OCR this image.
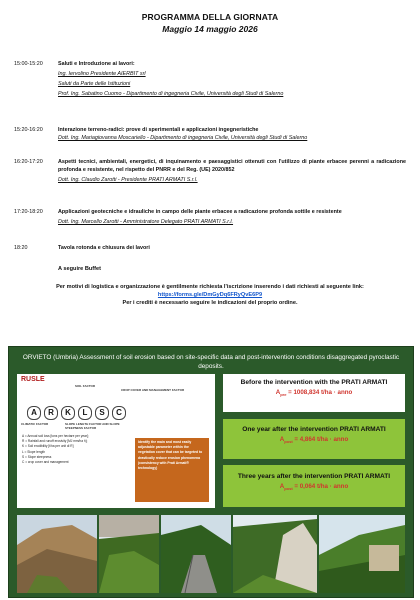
PROGRAMMA DELLA GIORNATA
Maggio 14 maggio 2026
15:00-15:20	Saluti e Introduzione ai lavori:
Ing. Iervolino Presidente AIERBIT srl
Saluti da Parte delle Istituzioni
Prof. Ing. Sabatino Cuomo - Dipartimento di ingegneria Civile, Università degli Studi di Salerno
15:20-16:20	Interazione terreno-radici: prove di sperimentali e applicazioni ingegneristiche
Dott. Ing. Mariagiovanna Moscariello - Dipartimento di ingegneria Civile, Università degli Studi di Salerno
16:20-17:20	Aspetti tecnici, ambientali, energetici, di inquinamento e paesaggistici ottenuti con l'utilizzo di piante erbacee perenni a radicazione profonda e resistente, nel rispetto del PNRR e del Reg. (UE) 2020/852
Dott. Ing. Claudio Zarotti - Presidente PRATI ARMATI S.r.l.
17:20-18:20	Applicazioni geotecniche e idrauliche in campo delle piante erbacee a radicazione profonda sottile e resistente
Dott. Ing. Marcello Zarotti - Amministratore Delegato PRATI ARMATI S.r.l.
18:20	Tavola rotonda e chiusura dei lavori
A seguire Buffet
Per motivi di logistica e organizzazione è gentilmente richiesta l'iscrizione inserendo i dati richiesti al seguente link:
https://forms.gle/DmGyDq6FRyQvE6P9
Per i crediti è necessario seguire le indicazioni del proprio ordine.
ORVIETO (Umbria) Assessment of soil erosion based on site-specific data and post-intervention conditions disaggregated pyroclastic deposits.
RUSLE
SOIL FACTOR
CROP COVER AND MANAGEMENT FACTOR
CLIMATIC FACTOR	SLOPE LENGTH FACTOR AND SLOPE STEEPNESS FACTOR
A R K L S C
A = Annual soil loss [tons per hectare per year];
R = Rainfall and runoff erosivity [MJ mm/ha h];
K = Soil erodibility [t/ha per unit di R]
L = Slope length
S = Slope steepness
C = crop cover and management
Identify the main and most easily adjustable parameter within the vegetation cover that can be targeted to drastically reduce erosion phenomena (consistency with Prati Armati® technology)
Before the intervention with the PRATI ARMATI
$A_{pre} = 1008,834$ t/ha · anno
One year after the intervention PRATI ARMATI
$A_{post} = 4,864$ t/ha · anno
Three years after the intervention PRATI ARMATI
$A_{post} = 0,064$ t/ha · anno
